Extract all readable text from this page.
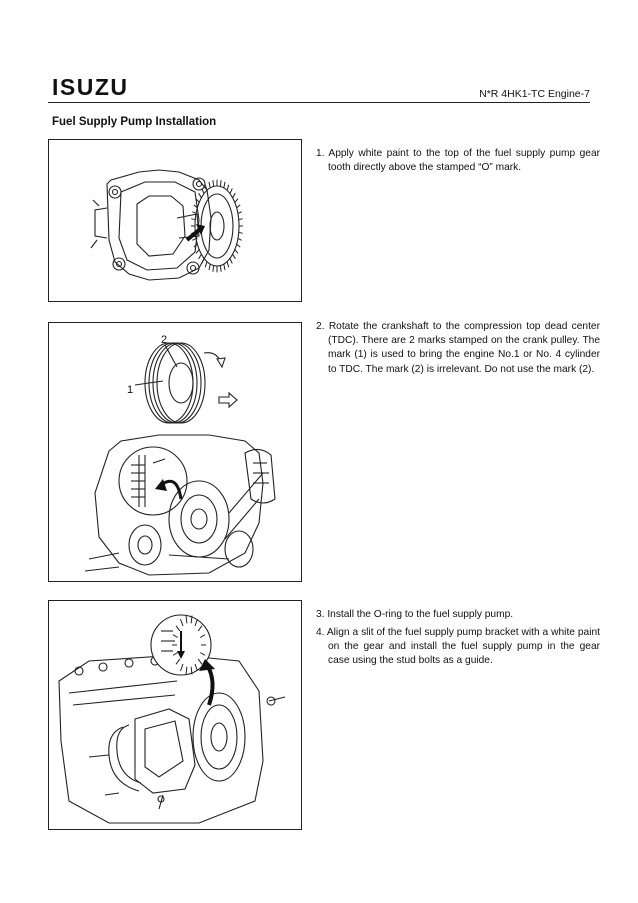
ISUZU	N*R 4HK1-TC Engine-7
Fuel Supply Pump Installation
2
1
1. Apply white paint to the top of the fuel supply pump gear tooth directly above the stamped “O” mark.
2. Rotate the crankshaft to the compression top dead center (TDC). There are 2 marks stamped on the crank pulley. The mark (1) is used to bring the engine No.1 or No. 4 cylinder to TDC. The mark (2) is irrelevant. Do not use the mark (2).
3. Install the O-ring to the fuel supply pump.
4. Align a slit of the fuel supply pump bracket with a white paint on the gear and install the fuel supply pump in the gear case using the stud bolts as a guide.
